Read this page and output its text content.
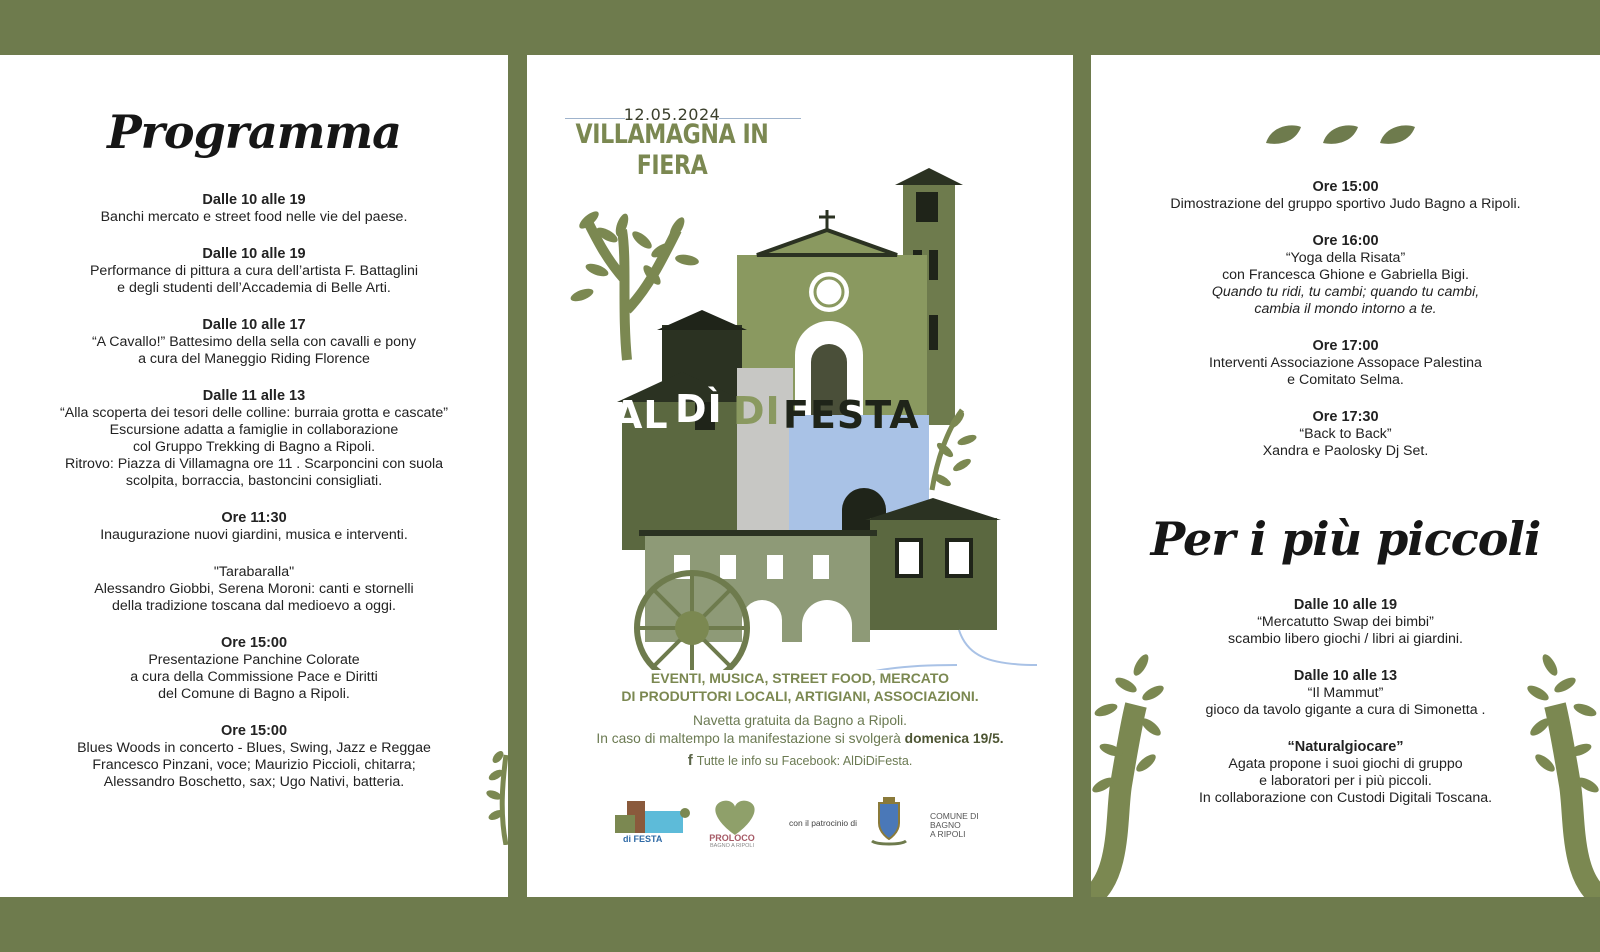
Programma
Dalle 10 alle 19
Banchi mercato e street food nelle vie del paese.
Dalle 10 alle 19
Performance di pittura a cura dell’artista F. Battaglini
e degli studenti dell’Accademia di Belle Arti.
Dalle 10 alle 17
“A Cavallo!” Battesimo della sella con cavalli e pony
a cura del Maneggio Riding Florence
Dalle 11 alle 13
“Alla scoperta dei tesori delle colline: burraia grotta e cascate”
Escursione adatta a famiglie in collaborazione
col Gruppo Trekking di Bagno a Ripoli.
Ritrovo: Piazza di Villamagna ore 11 . Scarponcini con suola
scolpita, borraccia, bastoncini consigliati.
Ore 11:30
Inaugurazione nuovi giardini, musica e interventi.
"Tarabaralla"
Alessandro Giobbi, Serena Moroni: canti e stornelli
della tradizione toscana dal medioevo a oggi.
Ore 15:00
Presentazione Panchine Colorate
a cura della Commissione Pace e Diritti
del Comune di Bagno a Ripoli.
Ore 15:00
Blues Woods in concerto - Blues, Swing, Jazz e Reggae
Francesco Pinzani, voce; Maurizio Piccioli, chitarra;
Alessandro Boschetto, sax; Ugo Nativi, batteria.
12.05.2024
VILLAMAGNA IN FIERA
AL DÌ DI FESTA
EVENTI, MUSICA, STREET FOOD, MERCATO
DI PRODUTTORI LOCALI, ARTIGIANI, ASSOCIAZIONI.
Navetta gratuita da Bagno a Ripoli.
In caso di maltempo la manifestazione si svolgerà domenica 19/5.
f Tutte le info su Facebook: AlDiDiFesta.
di FESTA	PROLOCO
BAGNO A RIPOLI
con il patrocinio di
COMUNE DI
BAGNO
A RIPOLI
Ore 15:00
Dimostrazione del gruppo sportivo Judo Bagno a Ripoli.
Ore 16:00
“Yoga della Risata”
con Francesca Ghione e Gabriella Bigi.
Quando tu ridi, tu cambi; quando tu cambi,
cambia il mondo intorno a te.
Ore 17:00
Interventi Associazione Assopace Palestina
e Comitato Selma.
Ore 17:30
“Back to Back”
Xandra e Paolosky Dj Set.
Per i più piccoli
Dalle 10 alle 19
“Mercatutto Swap dei bimbi”
scambio libero giochi / libri ai giardini.
Dalle 10 alle 13
“Il Mammut”
gioco da tavolo gigante a cura di Simonetta .
“Naturalgiocare”
Agata propone i suoi giochi di gruppo
e laboratori per i più piccoli.
In collaborazione con Custodi Digitali Toscana.
